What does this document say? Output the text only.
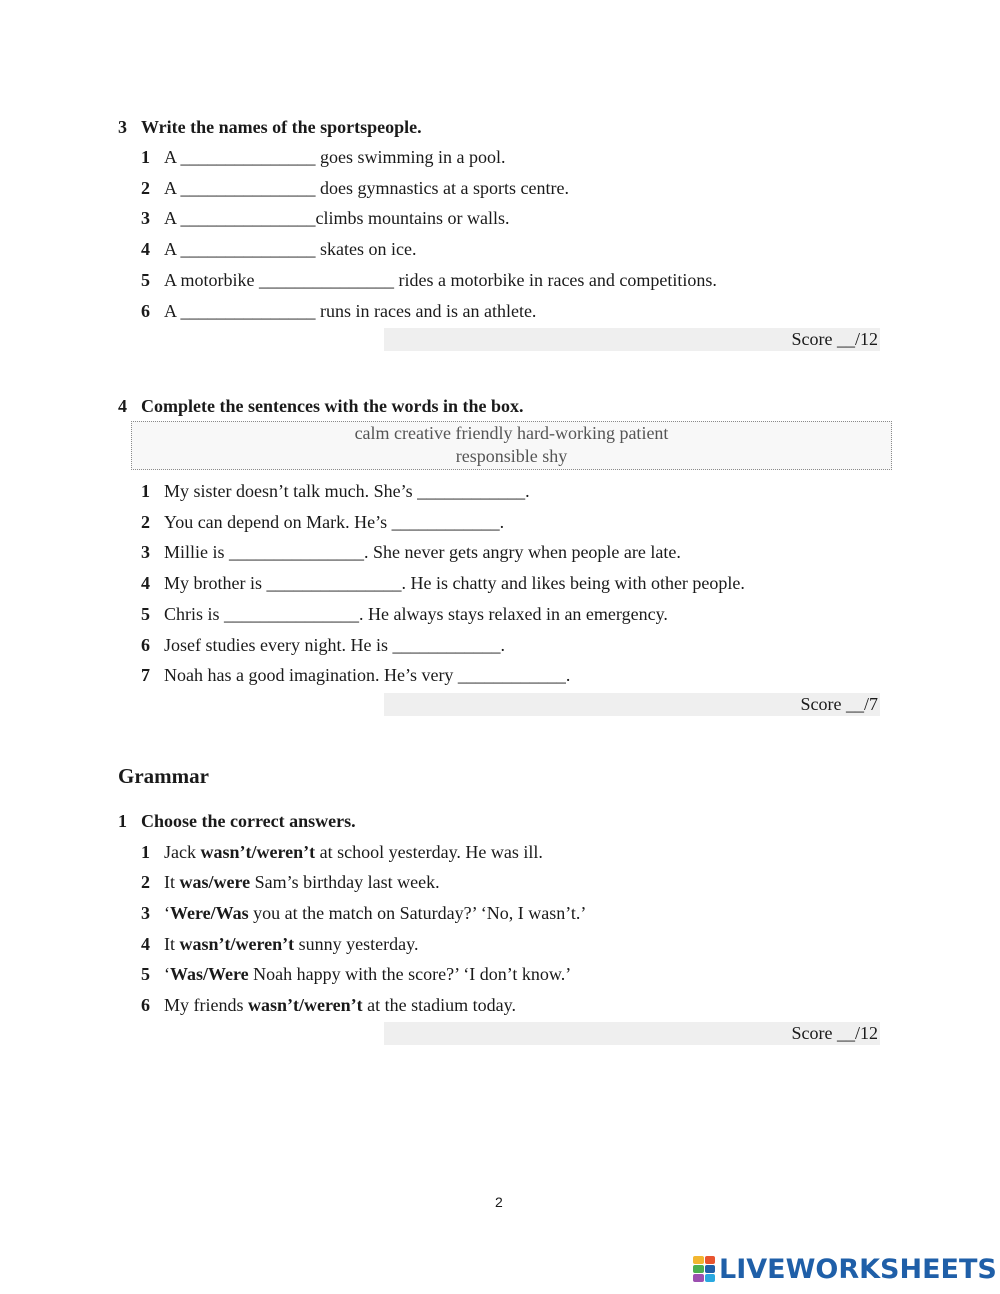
3 Write the names of the sportspeople.
1 A _______________ goes swimming in a pool.
2 A _______________ does gymnastics at a sports centre.
3 A _______________climbs mountains or walls.
4 A _______________ skates on ice.
5 A motorbike _______________ rides a motorbike in races and competitions.
6 A _______________ runs in races and is an athlete.
Score __/12
4 Complete the sentences with the words in the box.
calm creative friendly hard-working patient
responsible shy
1 My sister doesn’t talk much. She’s ____________.
2 You can depend on Mark. He’s ____________.
3 Millie is _______________. She never gets angry when people are late.
4 My brother is _______________. He is chatty and likes being with other people.
5 Chris is _______________. He always stays relaxed in an emergency.
6 Josef studies every night. He is ____________.
7 Noah has a good imagination. He’s very ____________.
Score __/7
Grammar
1 Choose the correct answers.
1 Jack wasn’t/weren’t at school yesterday. He was ill.
2 It was/were Sam’s birthday last week.
3 ‘Were/Was you at the match on Saturday?’ ‘No, I wasn’t.’
4 It wasn’t/weren’t sunny yesterday.
5 ‘Was/Were Noah happy with the score?’ ‘I don’t know.’
6 My friends wasn’t/weren’t at the stadium today.
Score __/12
2
LIVEWORKSHEETS
